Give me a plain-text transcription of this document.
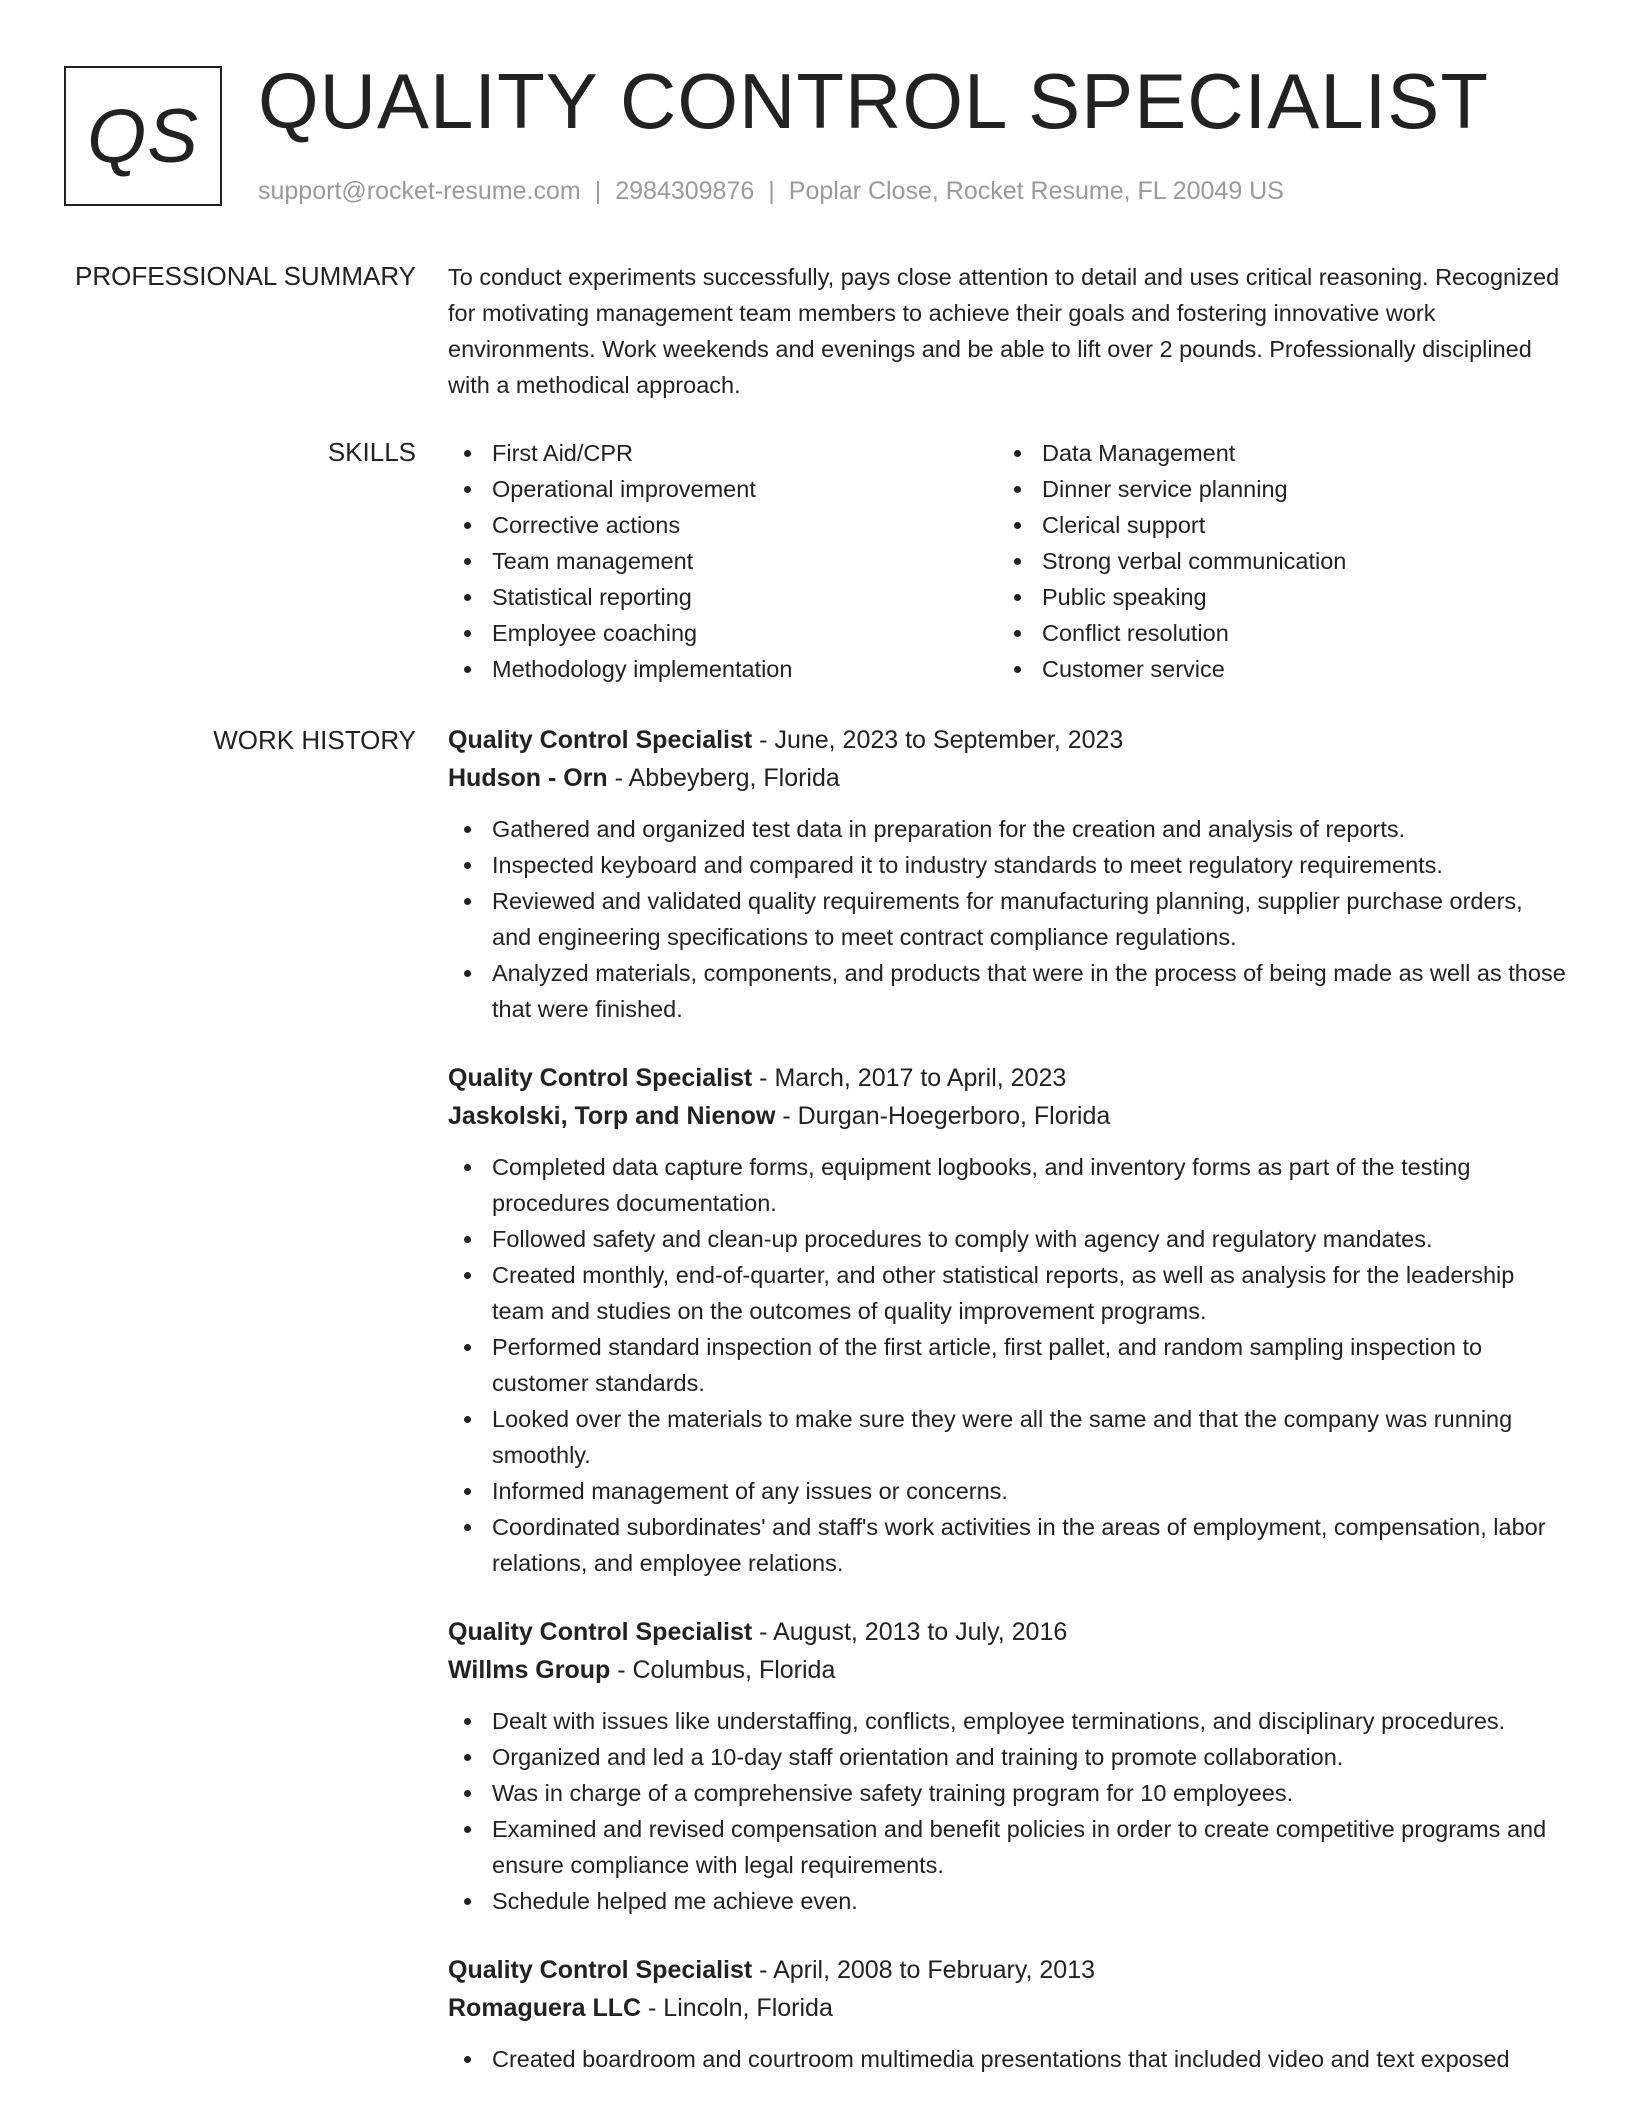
QS QUALITY CONTROL SPECIALIST
support@rocket-resume.com | 2984309876 | Poplar Close, Rocket Resume, FL 20049 US
PROFESSIONAL SUMMARY To conduct experiments successfully, pays close attention to detail and uses critical reasoning. Recognized for motivating management team members to achieve their goals and fostering innovative work environments. Work weekends and evenings and be able to lift over 2 pounds. Professionally disciplined with a methodical approach.

SKILLS	First Aid/CPR
Operational improvement
Corrective actions
Team management
Statistical reporting
Employee coaching
Methodology implementation
Data Management
Dinner service planning
Clerical support
Strong verbal communication
Public speaking
Conflict resolution
Customer service
WORK HISTORY Quality Control Specialist - June, 2023 to September, 2023
Hudson - Orn - Abbeyberg, Florida
Gathered and organized test data in preparation for the creation and analysis of reports.
Inspected keyboard and compared it to industry standards to meet regulatory requirements.
Reviewed and validated quality requirements for manufacturing planning, supplier purchase orders, and engineering specifications to meet contract compliance regulations.
Analyzed materials, components, and products that were in the process of being made as well as those that were finished.
Quality Control Specialist - March, 2017 to April, 2023
Jaskolski, Torp and Nienow - Durgan-Hoegerboro, Florida
Completed data capture forms, equipment logbooks, and inventory forms as part of the testing procedures documentation.
Followed safety and clean-up procedures to comply with agency and regulatory mandates.
Created monthly, end-of-quarter, and other statistical reports, as well as analysis for the leadership team and studies on the outcomes of quality improvement programs.
Performed standard inspection of the first article, first pallet, and random sampling inspection to customer standards.
Looked over the materials to make sure they were all the same and that the company was running smoothly.
Informed management of any issues or concerns.
Coordinated subordinates' and staff's work activities in the areas of employment, compensation, labor relations, and employee relations.
Quality Control Specialist - August, 2013 to July, 2016
Willms Group - Columbus, Florida
Dealt with issues like understaffing, conflicts, employee terminations, and disciplinary procedures.
Organized and led a 10-day staff orientation and training to promote collaboration.
Was in charge of a comprehensive safety training program for 10 employees.
Examined and revised compensation and benefit policies in order to create competitive programs and ensure compliance with legal requirements.
Schedule helped me achieve even.
Quality Control Specialist - April, 2008 to February, 2013
Romaguera LLC - Lincoln, Florida
Created boardroom and courtroom multimedia presentations that included video and text exposed
